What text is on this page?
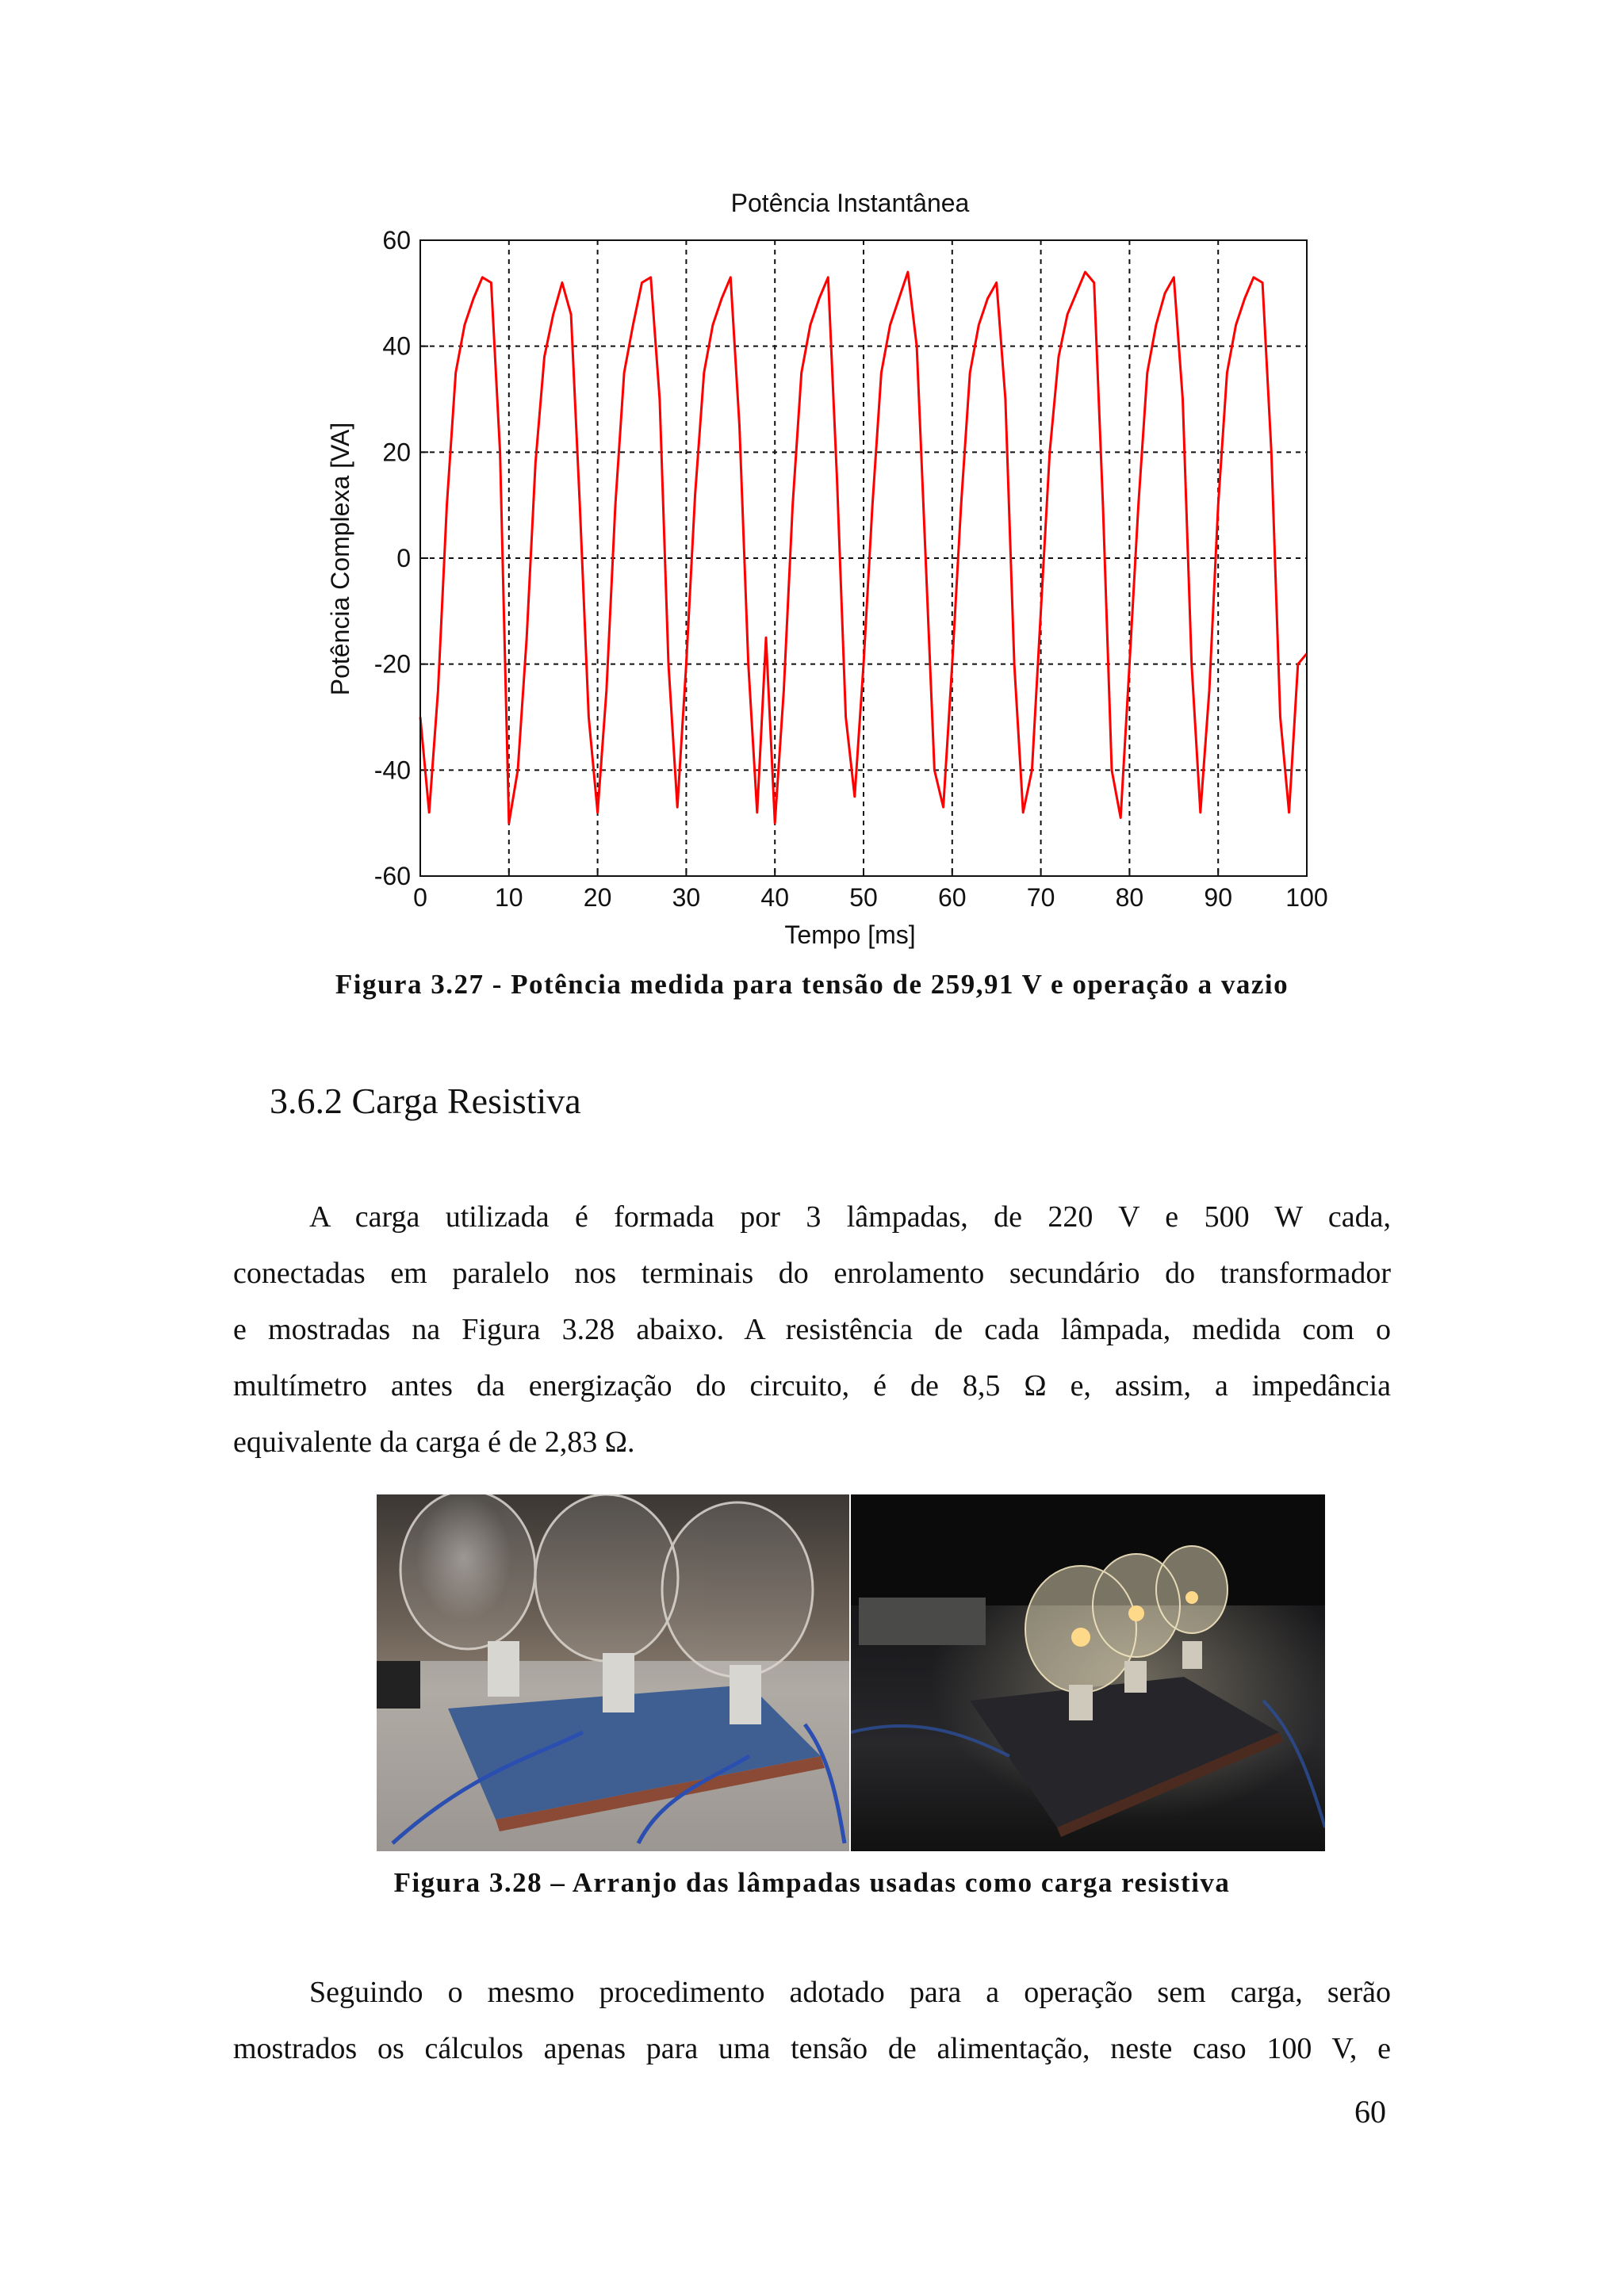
Potência Instantânea
Potência Complexa [VA]
Tempo [ms]
0	10 20 30 40 50 60 70 80 90 100
60
40
20
0
-20
-40
-60
Figura 3.27 - Potência medida para tensão de 259,91 V e operação a vazio
3.6.2 Carga Resistiva
A carga utilizada é formada por 3 lâmpadas, de 220 V e 500 W cada,
conectadas em paralelo nos terminais do enrolamento secundário do transformador
e mostradas na Figura 3.28 abaixo. A resistência de cada lâmpada, medida com o
multímetro antes da energização do circuito, é de 8,5 Ω e, assim, a impedância
equivalente da carga é de 2,83 Ω.
Figura 3.28 – Arranjo das lâmpadas usadas como carga resistiva
Seguindo o mesmo procedimento adotado para a operação sem carga, serão
mostrados os cálculos apenas para uma tensão de alimentação, neste caso 100 V, e
60
